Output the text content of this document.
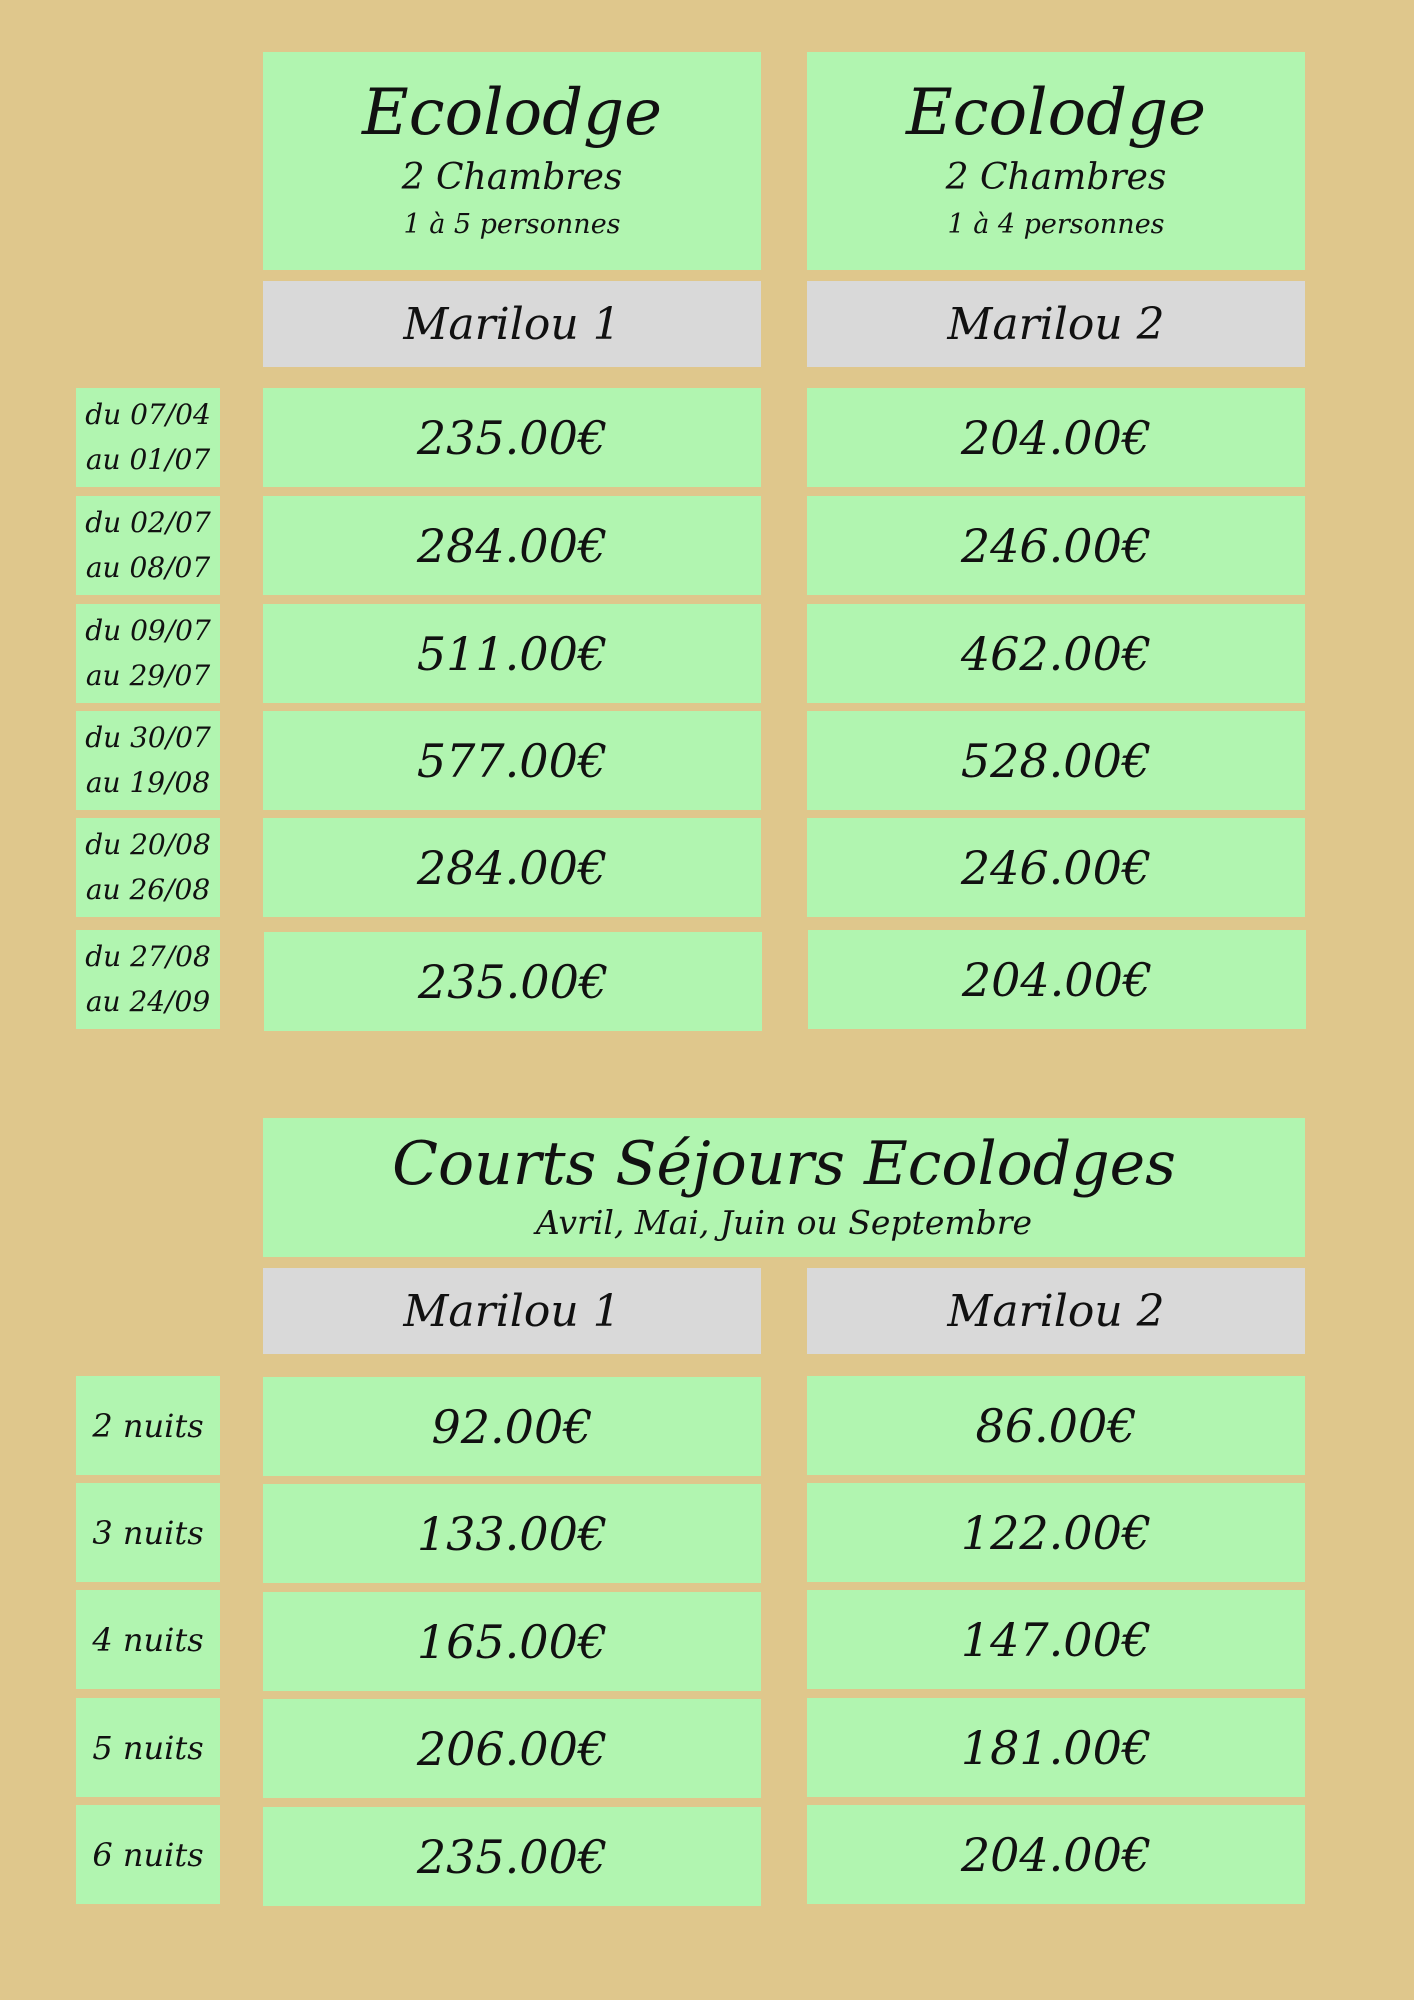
Ecolodge
2 Chambres
1 à 5 personnes
Ecolodge
2 Chambres
1 à 4 personnes
Marilou 1	Marilou 2
du 07/04
au 01/07	235.00€	204.00€
du 02/07
au 08/07	284.00€	246.00€
du 09/07
au 29/07	511.00€	462.00€
du 30/07
au 19/08	577.00€	528.00€
du 20/08
au 26/08	284.00€	246.00€
du 27/08
au 24/09	235.00€	204.00€
Courts Séjours Ecolodges
Avril, Mai, Juin ou Septembre
Marilou 1	Marilou 2
2 nuits	92.00€	86.00€
3 nuits	133.00€	122.00€
4 nuits	165.00€	147.00€
5 nuits	206.00€	181.00€
6 nuits	235.00€	204.00€
